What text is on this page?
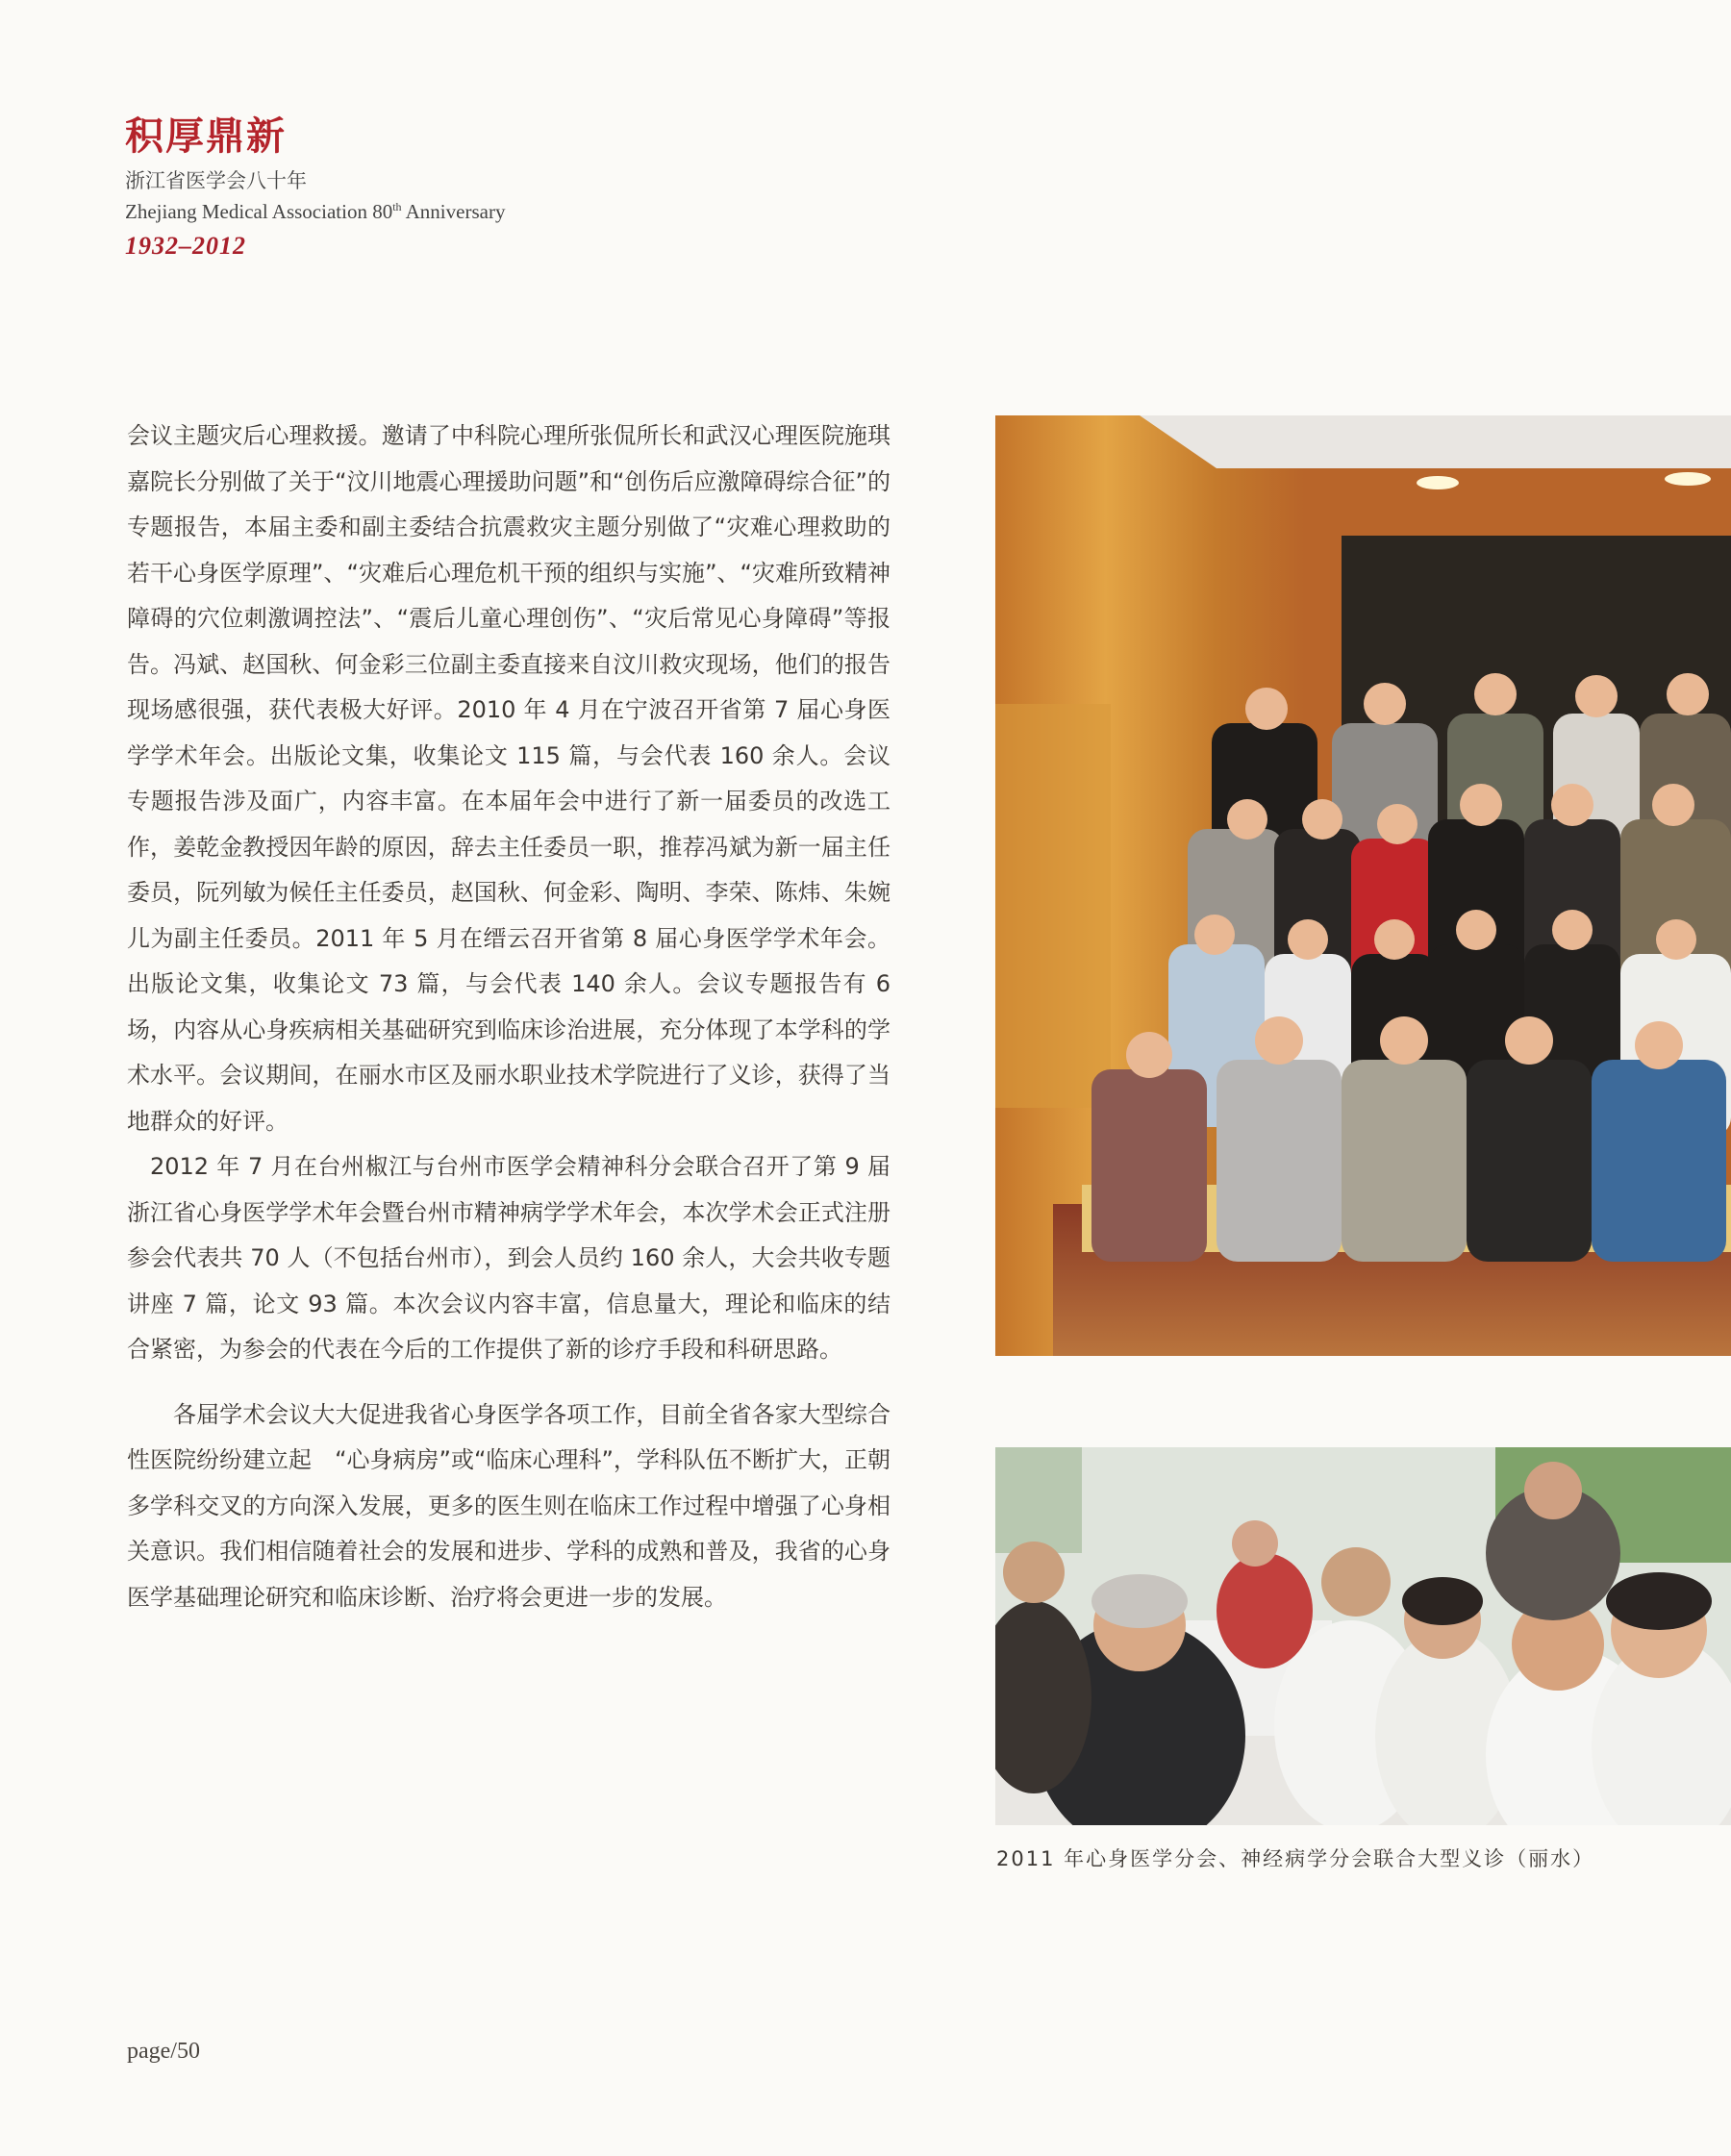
积厚鼎新
浙江省医学会八十年
Zhejiang Medical Association 80th Anniversary
1932–2012

会议主题灾后心理救援。邀请了中科院心理所张侃所长和武汉心理医院施琪嘉院长分别做了关于“汶川地震心理援助问题”和“创伤后应激障碍综合征”的专题报告，本届主委和副主委结合抗震救灾主题分别做了“灾难心理救助的若干心身医学原理”、“灾难后心理危机干预的组织与实施”、“灾难所致精神障碍的穴位刺激调控法”、“震后儿童心理创伤”、“灾后常见心身障碍”等报告。冯斌、赵国秋、何金彩三位副主委直接来自汶川救灾现场，他们的报告现场感很强，获代表极大好评。2010 年 4 月在宁波召开省第 7 届心身医学学术年会。出版论文集，收集论文 115 篇，与会代表 160 余人。会议专题报告涉及面广，内容丰富。在本届年会中进行了新一届委员的改选工作，姜乾金教授因年龄的原因，辞去主任委员一职，推荐冯斌为新一届主任委员，阮列敏为候任主任委员，赵国秋、何金彩、陶明、李荣、陈炜、朱婉儿为副主任委员。2011 年 5 月在缙云召开省第 8 届心身医学学术年会。出版论文集，收集论文 73 篇，与会代表 140 余人。会议专题报告有 6 场，内容从心身疾病相关基础研究到临床诊治进展，充分体现了本学科的学术水平。会议期间，在丽水市区及丽水职业技术学院进行了义诊，获得了当地群众的好评。

2012 年 7 月在台州椒江与台州市医学会精神科分会联合召开了第 9 届浙江省心身医学学术年会暨台州市精神病学学术年会，本次学术会正式注册参会代表共 70 人（不包括台州市），到会人员约 160 余人，大会共收专题讲座 7 篇，论文 93 篇。本次会议内容丰富，信息量大，理论和临床的结合紧密，为参会的代表在今后的工作提供了新的诊疗手段和科研思路。

各届学术会议大大促进我省心身医学各项工作，目前全省各家大型综合性医院纷纷建立起　“心身病房”或“临床心理科”，学科队伍不断扩大，正朝多学科交叉的方向深入发展，更多的医生则在临床工作过程中增强了心身相关意识。我们相信随着社会的发展和进步、学科的成熟和普及，我省的心身医学基础理论研究和临床诊断、治疗将会更进一步的发展。

2011 年心身医学分会、神经病学分会联合大型义诊（丽水）
page/50
